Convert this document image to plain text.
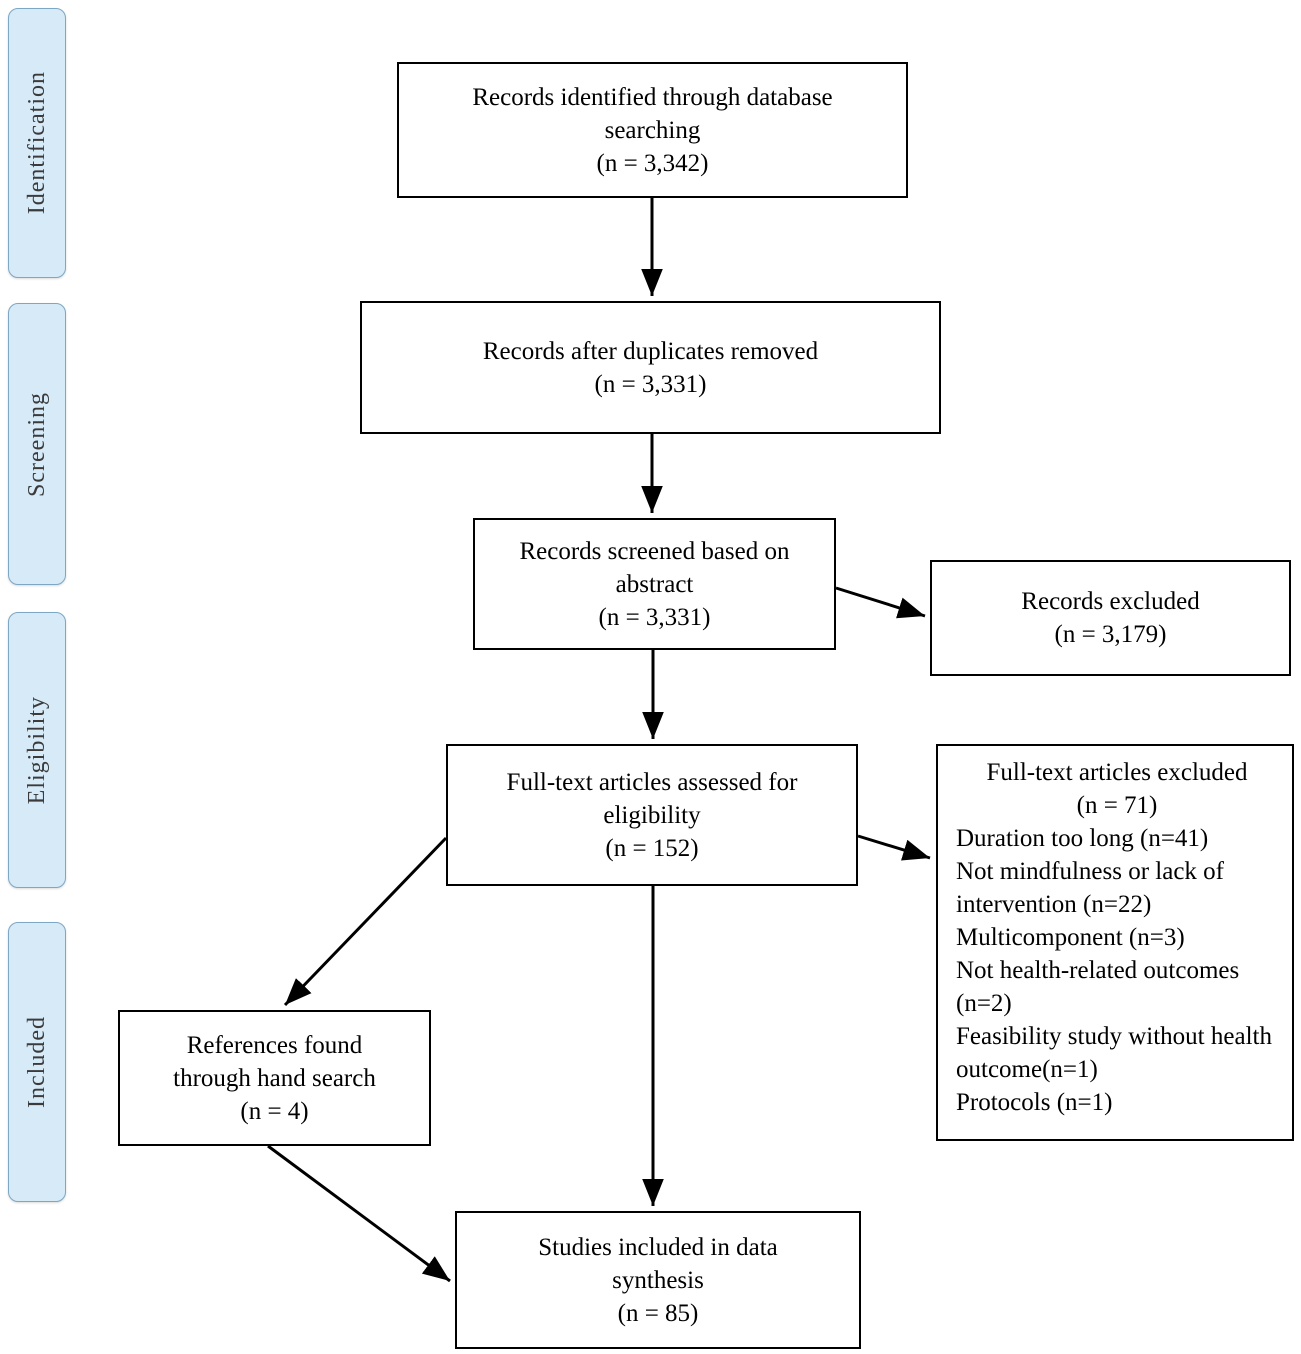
Identification
Screening
Eligibility
Included
Records identified through database
searching
(n = 3,342)
Records after duplicates removed
(n = 3,331)
Records screened based on
abstract
(n = 3,331)
Records excluded
(n = 3,179)
Full-text articles assessed for
eligibility
(n = 152)
Full-text articles excluded
(n = 71)
Duration too long (n=41)
Not mindfulness or lack of intervention (n=22)
Multicomponent (n=3)
Not health-related outcomes (n=2)
Feasibility study without health outcome(n=1)
Protocols (n=1)
References found
through hand search
(n = 4)
Studies included in data
synthesis
(n = 85)
